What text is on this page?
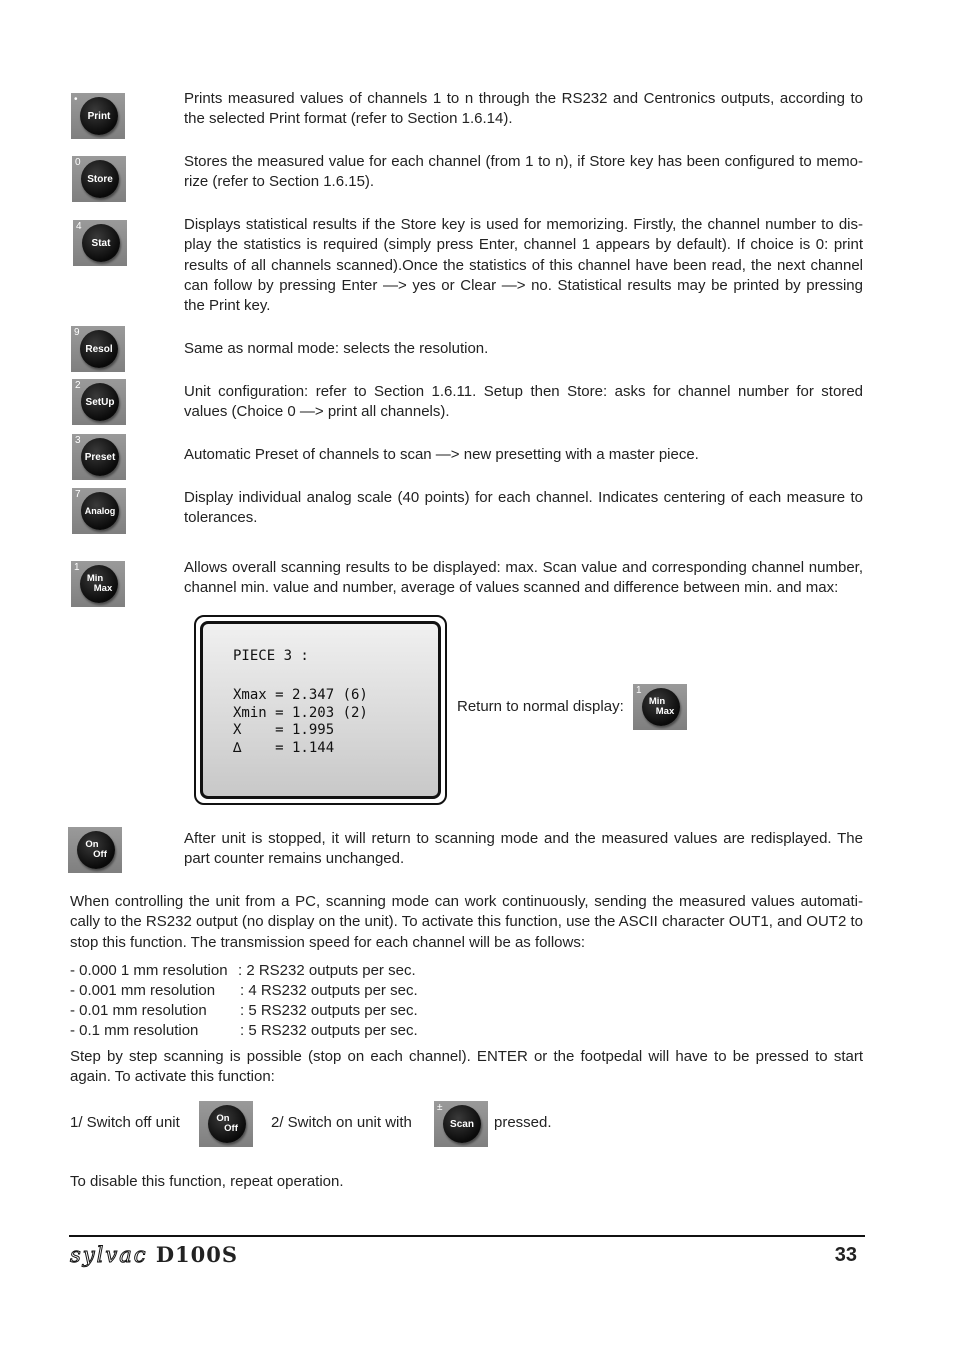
•
Print

Prints measured values of channels 1 to n through the RS232 and Centronics outputs, according to the selected Print format (refer to Section 1.6.14).

0
Store

Stores the measured value for each channel (from 1 to n), if Store key has been configured to memo-rize (refer to Section 1.6.15).

4
Stat

Displays statistical results if the Store key is used for memorizing. Firstly, the channel number to dis-play the statistics is required (simply press Enter, channel 1 appears by default). If choice is 0: print results of all channels scanned).Once the statistics of this channel have been read, the next channel can follow by pressing Enter —> yes or Clear —> no. Statistical results may be printed by pressing the Print key.

9
Resol	Same as normal mode: selects the resolution.

2
SetUp

Unit configuration: refer to Section 1.6.11. Setup then Store: asks for channel number for stored values (Choice 0 —> print all channels).

3
Preset	Automatic Preset of channels to scan —> new presetting with a master piece.

7
Analog

Display individual analog scale (40 points) for each channel. Indicates centering of each measure to tolerances.

1
Min
Max

Allows overall scanning results to be displayed: max. Scan value and corresponding channel number, channel min. value and number, average of values scanned and difference between min. and max:

PIECE 3 :
Xmax = 2.347 (6)
Xmin = 1.203 (2)
X    = 1.995
∆    = 1.144
Return to normal display:
1
Min
Max
On
Off

After unit is stopped, it will return to scanning mode and the measured values are redisplayed. The part counter remains unchanged.

When controlling the unit from a PC, scanning mode can work continuously, sending the measured values automati-cally to the RS232 output (no display on the unit). To activate this function, use the ASCII character OUT1, and OUT2 to stop this function. The transmission speed for each channel will be as follows:

- 0.000 1 mm resolution : 2 RS232 outputs per sec.
- 0.001 mm resolution : 4 RS232 outputs per sec.
- 0.01 mm resolution : 5 RS232 outputs per sec.
- 0.1 mm resolution	: 5 RS232 outputs per sec.

Step by step scanning is possible (stop on each channel). ENTER or the footpedal will have to be pressed to start again. To activate this function:

1/ Switch off unit	On
Off 2/ Switch on unit with
±
Scan	pressed.

To disable this function, repeat operation.

sylvac D100S	33
